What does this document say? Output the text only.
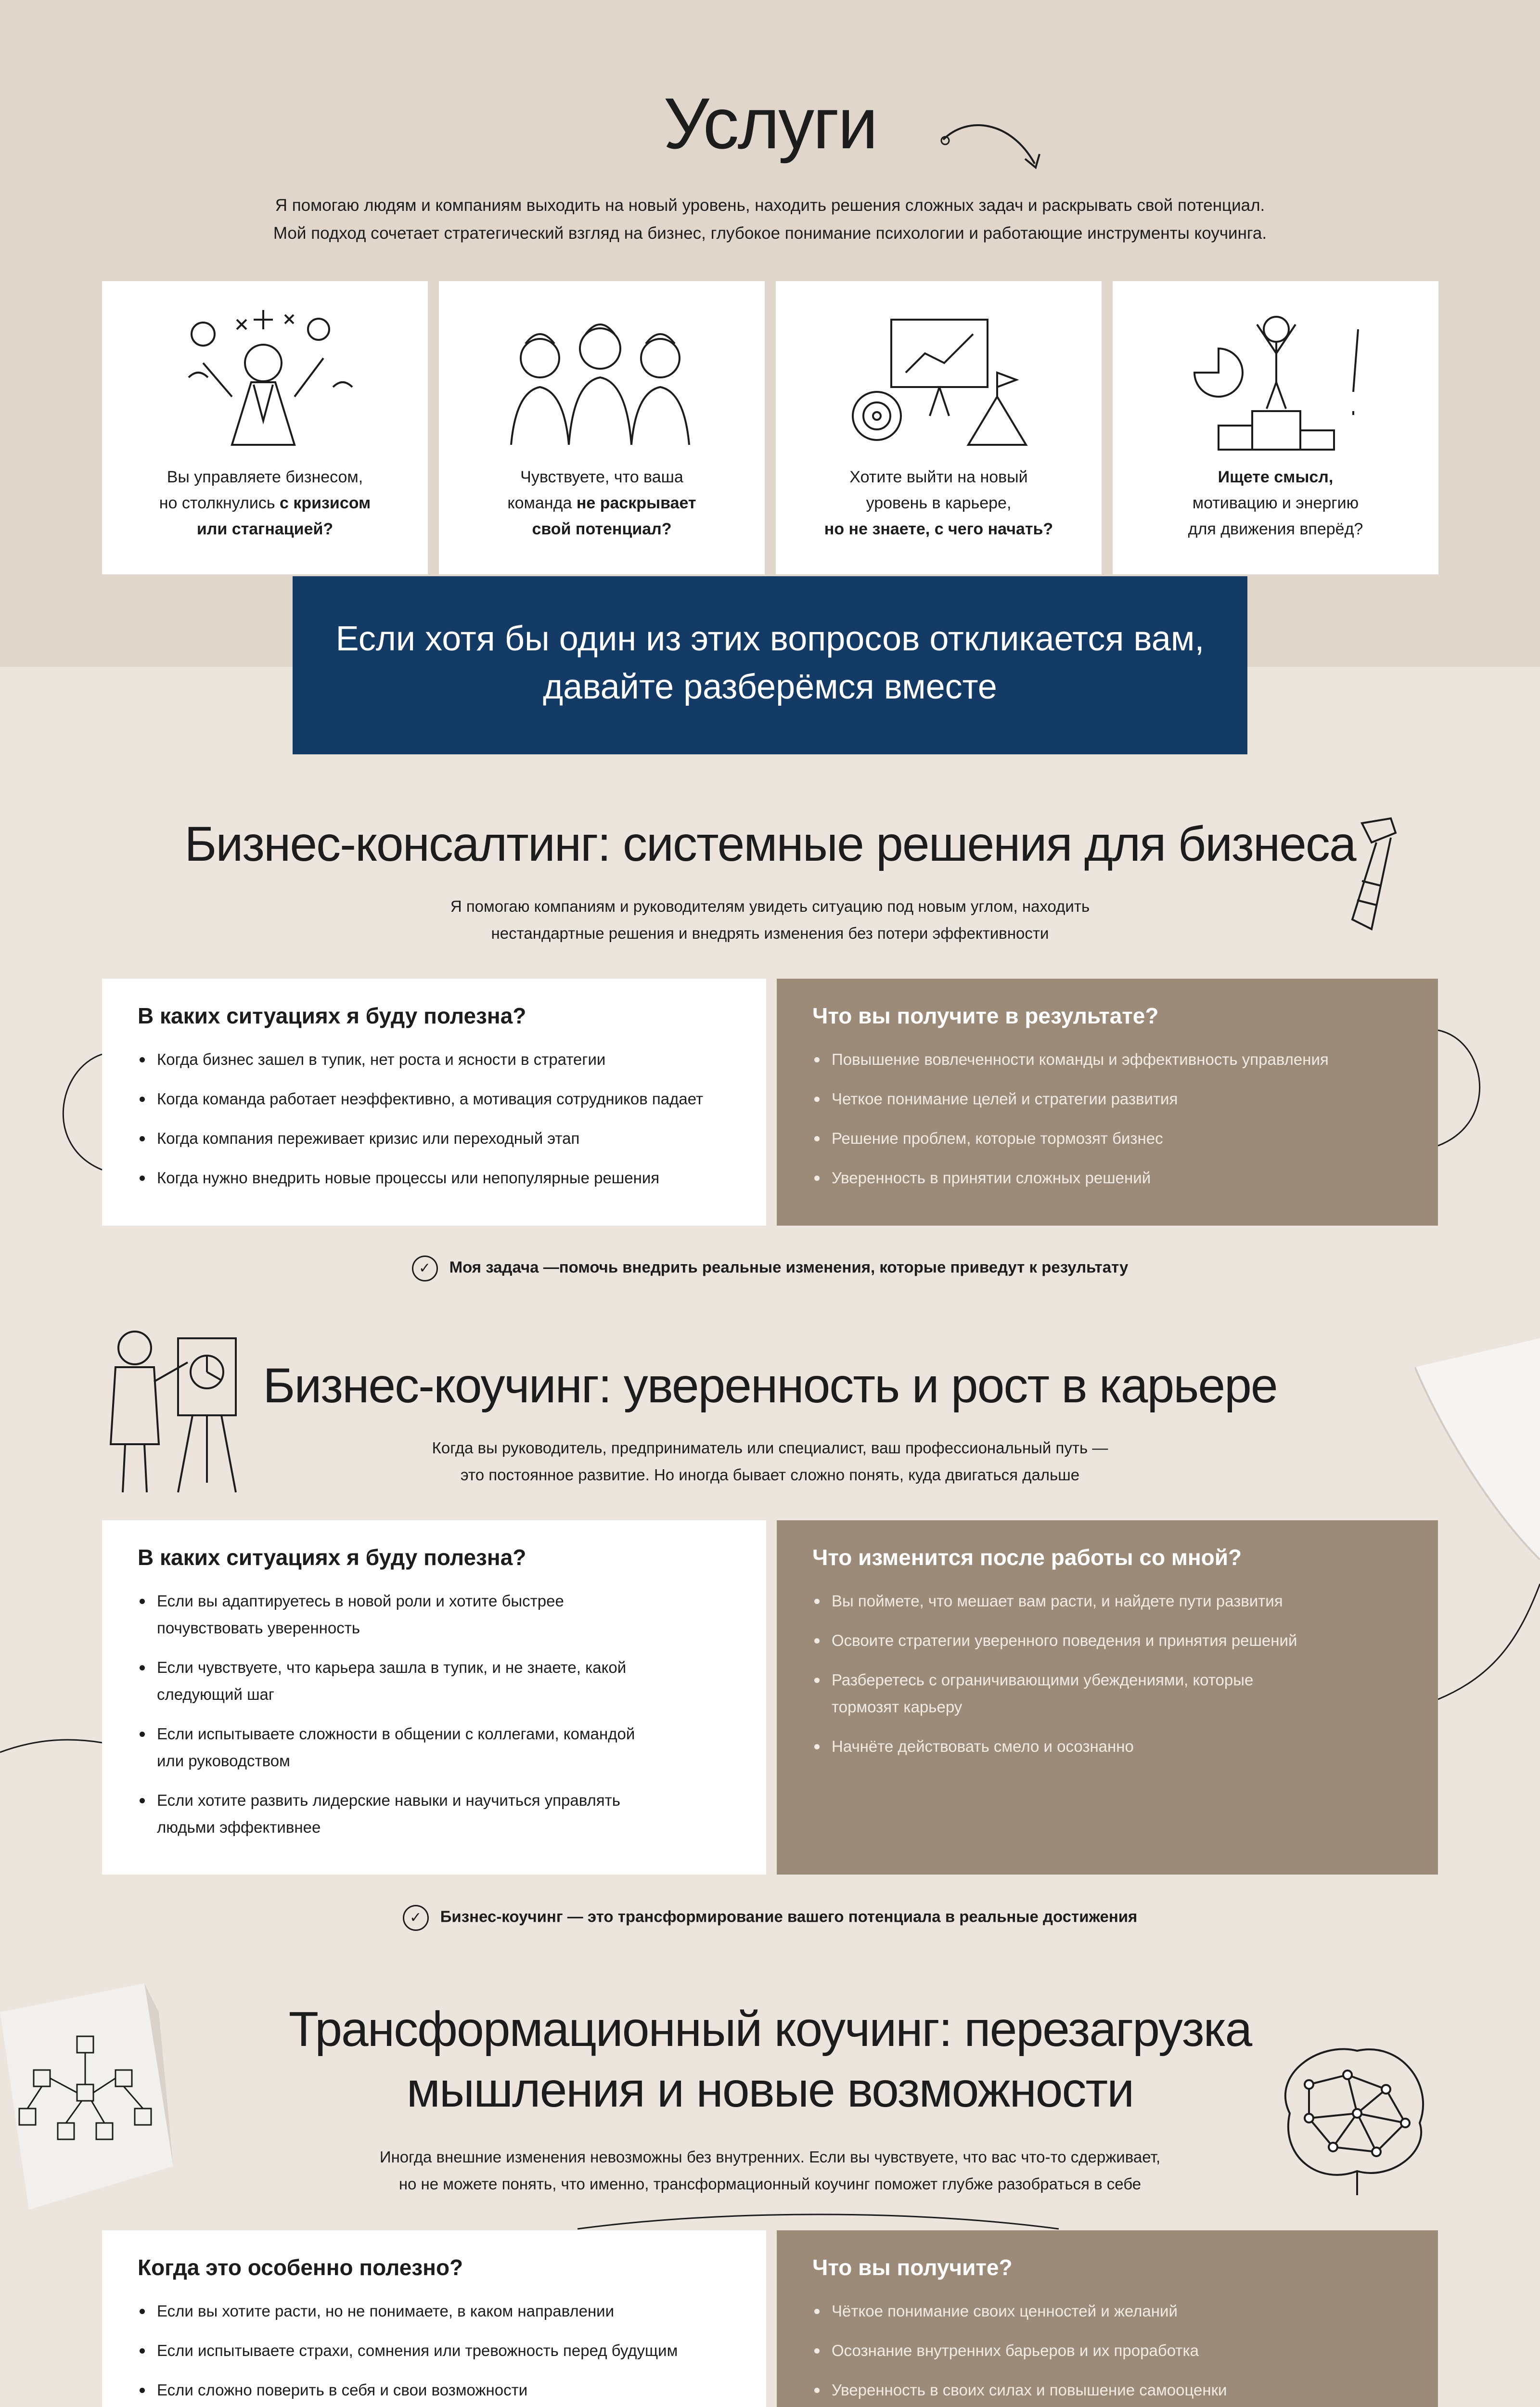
Услуги
Я помогаю людям и компаниям выходить на новый уровень, находить решения сложных задач и раскрывать свой потенциал.
Мой подход сочетает стратегический взгляд на бизнес, глубокое понимание психологии и работающие инструменты коучинга.
Вы управляете бизнесом,
но столкнулись с кризисом
или стагнацией?
Чувствуете, что ваша
команда не раскрывает
свой потенциал?
Хотите выйти на новый
уровень в карьере,
но не знаете, с чего начать?
Ищете смысл,
мотивацию и энергию
для движения вперёд?
Если хотя бы один из этих вопросов откликается вам,
давайте разберёмся вместе
Бизнес-консалтинг: системные решения для бизнеса
Я помогаю компаниям и руководителям увидеть ситуацию под новым углом, находить
нестандартные решения и внедрять изменения без потери эффективности
В каких ситуациях я буду полезна?
Когда бизнес зашел в тупик, нет роста и ясности в стратегии
Когда команда работает неэффективно, а мотивация сотрудников падает
Когда компания переживает кризис или переходный этап
Когда нужно внедрить новые процессы или непопулярные решения
Что вы получите в результате?
Повышение вовлеченности команды и эффективность управления
Четкое понимание целей и стратегии развития
Решение проблем, которые тормозят бизнес
Уверенность в принятии сложных решений
✓ Моя задача —помочь внедрить реальные изменения, которые приведут к результату
Бизнес-коучинг: уверенность и рост в карьере
Когда вы руководитель, предприниматель или специалист, ваш профессиональный путь —
это постоянное развитие. Но иногда бывает сложно понять, куда двигаться дальше
В каких ситуациях я буду полезна?
Если вы адаптируетесь в новой роли и хотите быстрее
почувствовать уверенность
Если чувствуете, что карьера зашла в тупик, и не знаете, какой
следующий шаг
Если испытываете сложности в общении с коллегами, командой
или руководством
Если хотите развить лидерские навыки и научиться управлять
людьми эффективнее
Что изменится после работы со мной?
Вы поймете, что мешает вам расти, и найдете пути развития
Освоите стратегии уверенного поведения и принятия решений
Разберетесь с ограничивающими убеждениями, которые
тормозят карьеру
Начнёте действовать смело и осознанно
✓ Бизнес-коучинг — это трансформирование вашего потенциала в реальные достижения
Трансформационный коучинг: перезагрузка
мышления и новые возможности
Иногда внешние изменения невозможны без внутренних. Если вы чувствуете, что вас что-то сдерживает,
но не можете понять, что именно, трансформационный коучинг поможет глубже разобраться в себе
Когда это особенно полезно?
Если вы хотите расти, но не понимаете, в каком направлении
Если испытываете страхи, сомнения или тревожность перед будущим
Если сложно поверить в себя и свои возможности
Что вы получите?
Чёткое понимание своих ценностей и желаний
Осознание внутренних барьеров и их проработка
Уверенность в своих силах и повышение самооценки
